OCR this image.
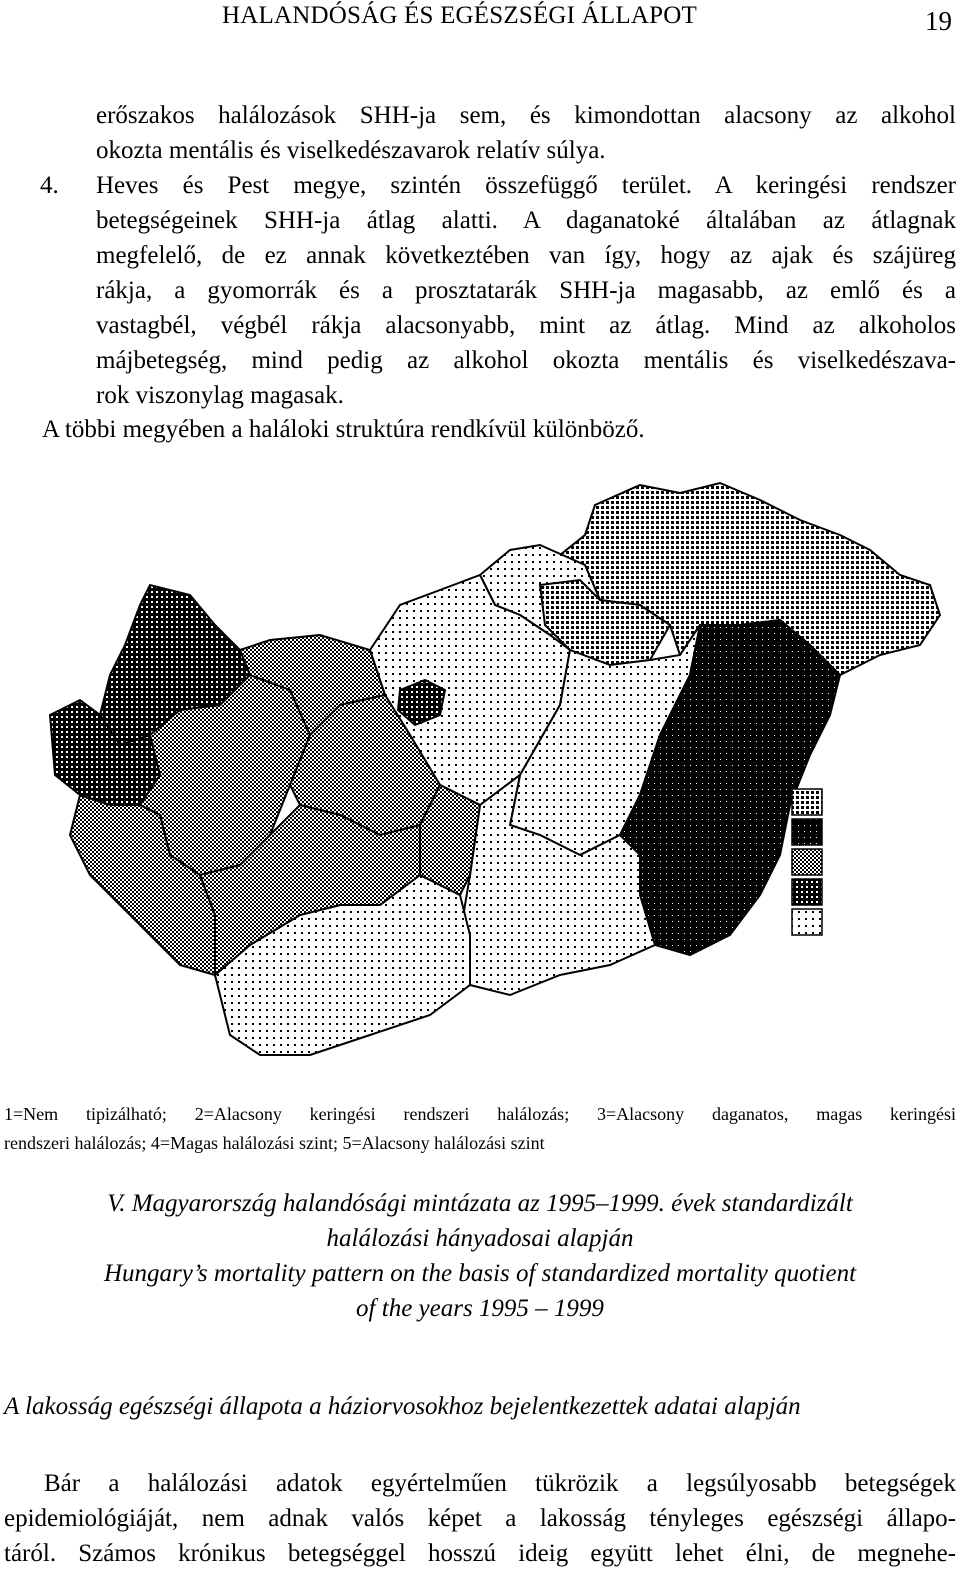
HALANDÓSÁG ÉS EGÉSZSÉGI ÁLLAPOT	19
erőszakos halálozások SHH-ja sem, és kimondottan alacsony az alkohol
okozta mentális és viselkedészavarok relatív súlya.
4. Heves és Pest megye, szintén összefüggő terület. A keringési rendszer
betegségeinek SHH-ja átlag alatti. A daganatoké általában az átlagnak
megfelelő, de ez annak következtében van így, hogy az ajak és szájüreg
rákja, a gyomorrák és a prosztatarák SHH-ja magasabb, az emlő és a
vastagbél, végbél rákja alacsonyabb, mint az átlag. Mind az alkoholos
májbetegség, mind pedig az alkohol okozta mentális és viselkedészava-
rok viszonylag magasak.
A többi megyében a haláloki struktúra rendkívül különböző.
1=Nem tipizálható; 2=Alacsony keringési rendszeri halálozás; 3=Alacsony daganatos, magas keringési
rendszeri halálozás; 4=Magas halálozási szint; 5=Alacsony halálozási szint
V. Magyarország halandósági mintázata az 1995–1999. évek standardizált
halálozási hányadosai alapján
Hungary’s mortality pattern on the basis of standardized mortality quotient
of the years 1995 – 1999
A lakosság egészségi állapota a háziorvosokhoz bejelentkezettek adatai alapján
Bár a halálozási adatok egyértelműen tükrözik a legsúlyosabb betegségek
epidemiológiáját, nem adnak valós képet a lakosság tényleges egészségi állapo-
táról. Számos krónikus betegséggel hosszú ideig együtt lehet élni, de megnehe-
